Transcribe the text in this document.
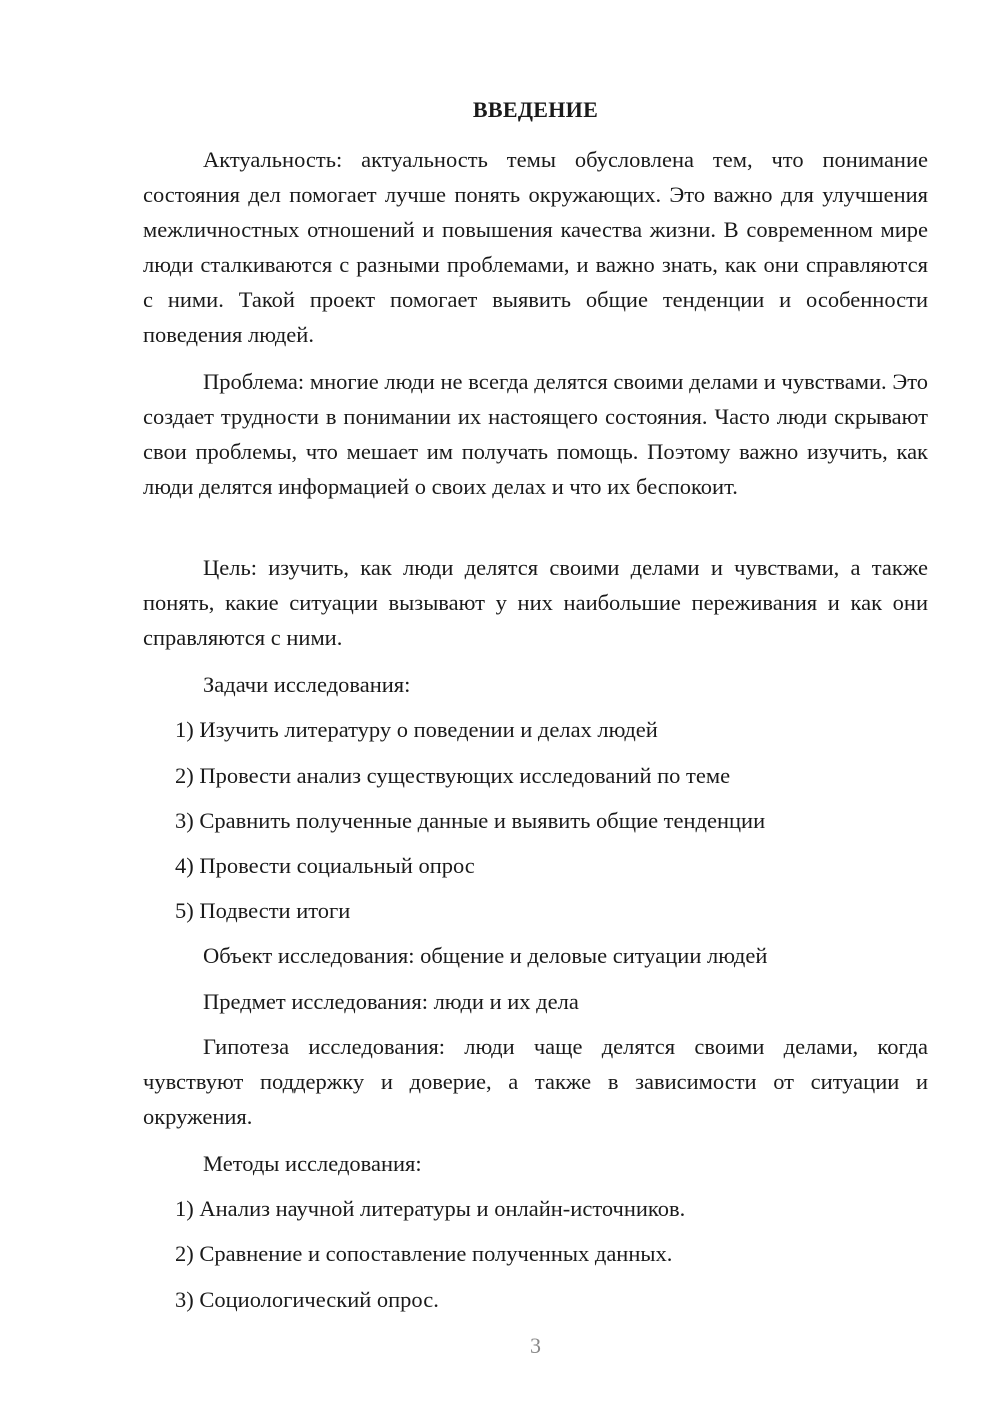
ВВЕДЕНИЕ

Актуальность: актуальность темы обусловлена тем, что понимание состояния дел помогает лучше понять окружающих. Это важно для улучшения межличностных отношений и повышения качества жизни. В современном мире люди сталкиваются с разными проблемами, и важно знать, как они справляются с ними. Такой проект помогает выявить общие тенденции и особенности поведения людей.

Проблема: многие люди не всегда делятся своими делами и чувствами. Это создает трудности в понимании их настоящего состояния. Часто люди скрывают свои проблемы, что мешает им получать помощь. Поэтому важно изучить, как люди делятся информацией о своих делах и что их беспокоит.

Цель: изучить, как люди делятся своими делами и чувствами, а также понять, какие ситуации вызывают у них наибольшие переживания и как они справляются с ними.

Задачи исследования:

1) Изучить литературу о поведении и делах людей

2) Провести анализ существующих исследований по теме

3) Сравнить полученные данные и выявить общие тенденции

4) Провести социальный опрос

5) Подвести итоги

Объект исследования: общение и деловые ситуации людей

Предмет исследования: люди и их дела

Гипотеза исследования: люди чаще делятся своими делами, когда чувствуют поддержку и доверие, а также в зависимости от ситуации и окружения.

Методы исследования:

1) Анализ научной литературы и онлайн-источников.

2) Сравнение и сопоставление полученных данных.

3) Социологический опрос.

3
